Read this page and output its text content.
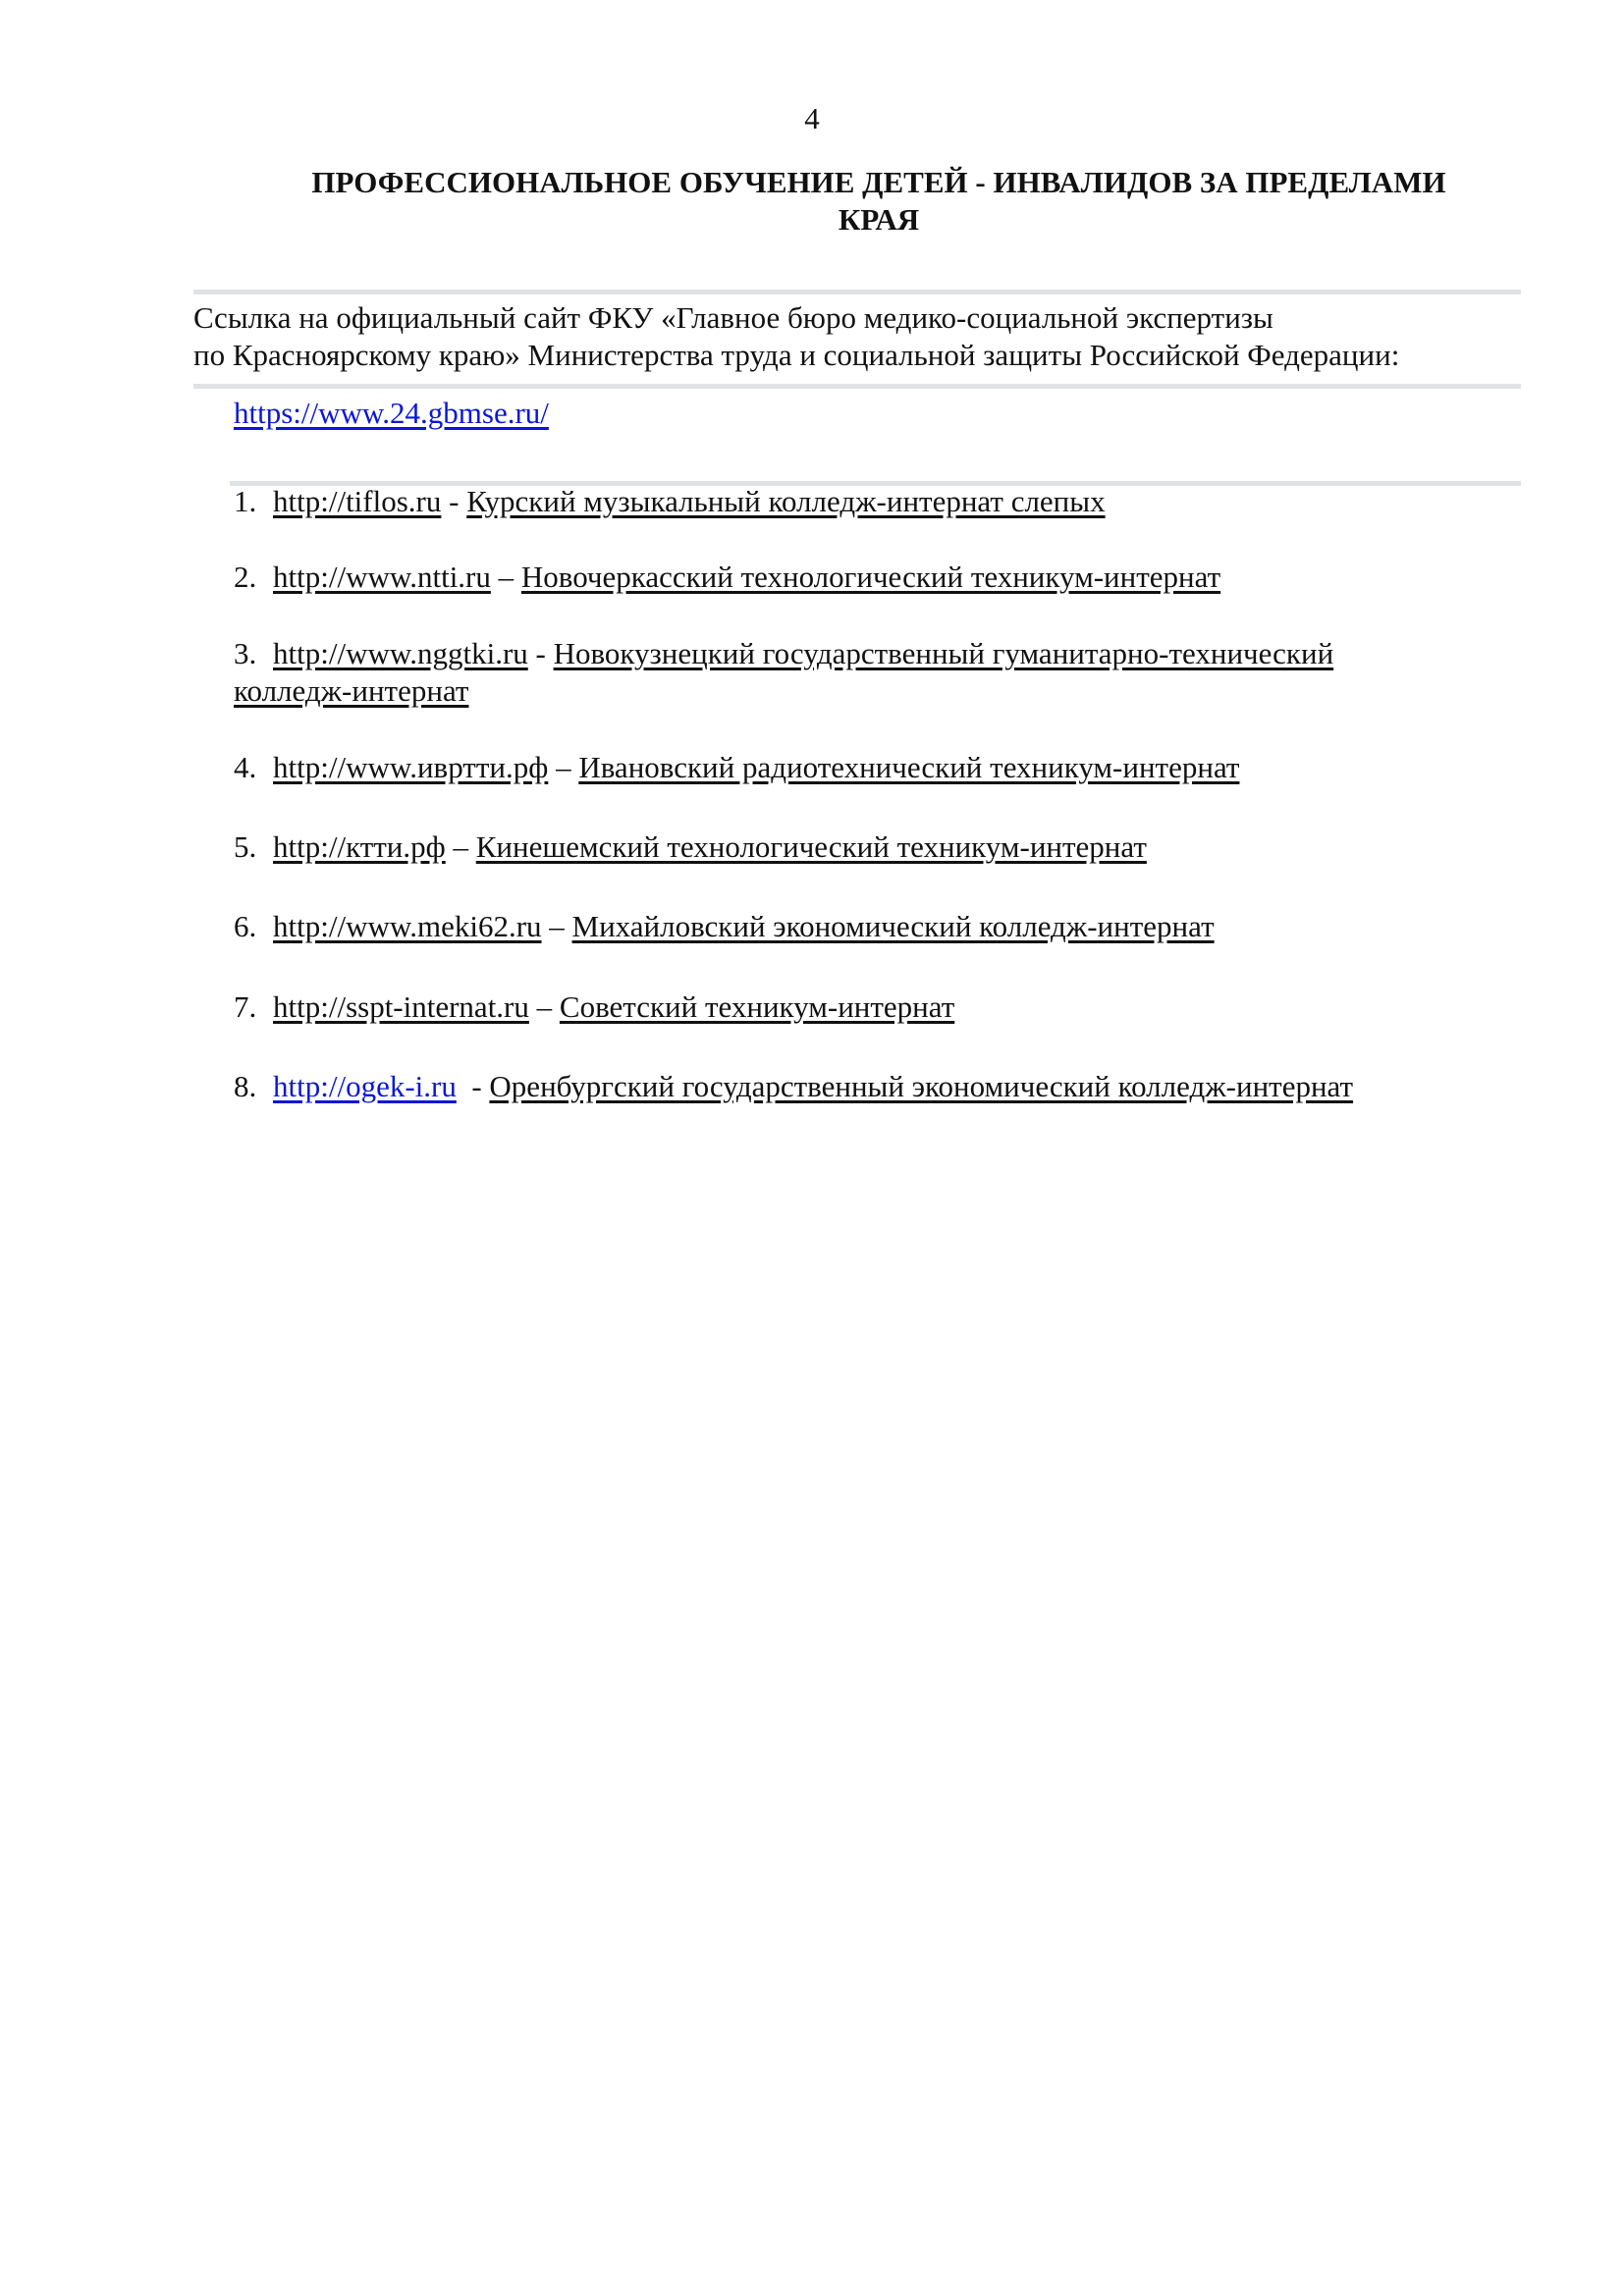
4
ПРОФЕССИОНАЛЬНОЕ ОБУЧЕНИЕ ДЕТЕЙ - ИНВАЛИДОВ ЗА ПРЕДЕЛАМИ
КРАЯ
Ссылка на официальный сайт ФКУ «Главное бюро медико-социальной экспертизы
по Красноярскому краю» Министерства труда и социальной защиты Российской Федерации:
https://www.24.gbmse.ru/
1. http://tiflos.ru - Курский музыкальный колледж-интернат слепых
2. http://www.ntti.ru – Новочеркасский технологический техникум-интернат
3. http://www.nggtki.ru - Новокузнецкий государственный гуманитарно-технический
колледж-интернат
4. http://www.ивртти.рф – Ивановский радиотехнический техникум-интернат
5. http://ктти.рф – Кинешемский технологический техникум-интернат
6. http://www.meki62.ru – Михайловский экономический колледж-интернат
7. http://sspt-internat.ru – Советский техникум-интернат
8. http://ogek-i.ru  - Оренбургский государственный экономический колледж-интернат
